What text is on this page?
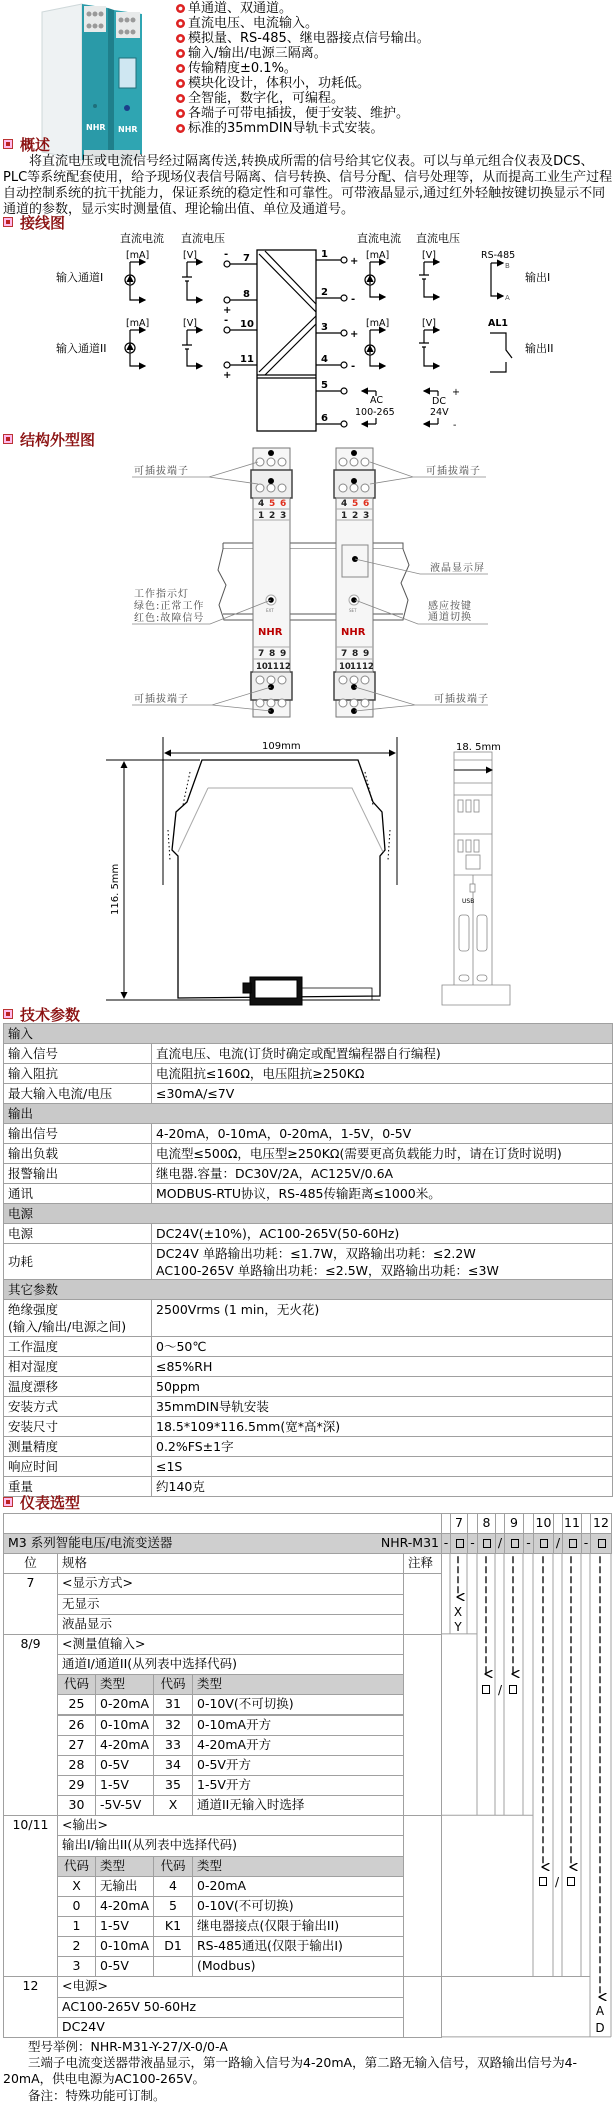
NHR NHR
单通道、双通道。
直流电压、电流输入。
模拟量、RS-485、继电器接点信号输出。
输入/输出/电源三隔离。
传输精度±0.1%。
模块化设计，体积小，功耗低。
全智能，数字化，可编程。
各端子可带电插拔，便于安装、维护。
标准的35mmDIN导轨卡式安装。
概述
　　将直流电压或电流信号经过隔离传送,转换成所需的信号给其它仪表。可以与单元组合仪表及DCS、
PLC等系统配套使用，给予现场仪表信号隔离、信号转换、信号分配、信号处理等，从而提高工业生产过程
自动控制系统的抗干扰能力，保证系统的稳定性和可靠性。可带液晶显示,通过红外轻触按键切换显示不同
通道的参数，显示实时测量值、理论输出值、单位及通道号。
接线图
直流电流 直流电压	直流电流 直流电压
输入通道I
输入通道II
输出I
输出II
[mA]	[V]
[mA]	[V]
[mA]	[V]
[mA]	[V]
RS-485
AL1
AC
100-265
DC
24V
+
-
B
A
7
8
10
11
1
2
3
4
5
6
-
+
-
+
+
-
+
-
结构外型图
4 5 6
1 2 3
7 8 9
10 11 12
EXT
NHR
4 5 6
1 2 3
7 8 9
10 11 12
SET
NHR
可插拔端子	可插拔端子
可插拔端子	可插拔端子
液晶显示屏
工作指示灯
绿色:正常工作
红色:故障信号
感应按键
通道切换
109mm
116. 5mm
18. 5mm
USB
技术参数
输入	
输入信号	直流电压、电流(订货时确定或配置编程器自行编程)
输入阻抗	电流阻抗≤160Ω，电压阻抗≥250KΩ
最大输入电流/电压	≤30mA/≤7V
输出	
输出信号	4-20mA，0-10mA，0-20mA，1-5V，0-5V
输出负载	电流型≤500Ω，电压型≥250KΩ(需要更高负载能力时，请在订货时说明)
报警输出	继电器.容量：DC30V/2A，AC125V/0.6A
通讯	MODBUS-RTU协议，RS-485传输距离≤1000米。
电源	
电源	DC24V(±10%)，AC100-265V(50-60Hz)
功耗	DC24V 单路输出功耗：≤1.7W，双路输出功耗：≤2.2W
AC100-265V 单路输出功耗：≤2.5W，双路输出功耗：≤3W

其它参数	

绝缘强度
(输入/输出/电源之间)	2500Vrms (1 min，无火花)
工作温度	0～50℃
相对湿度	≤85%RH
温度漂移	50ppm
安装方式	35mmDIN导轨安装
安装尺寸	18.5*109*116.5mm(宽*高*深)
测量精度	0.2%FS±1字
响应时间	≤1S
重量	约140克
仪表选型
M3 系列智能电压/电流变送器	NHR-M31
位	规格	注释
7	<显示方式>
无显示
液晶显示
8/9	<测量值输入>
通道I/通道II(从列表中选择代码)
代码 类型	代码 类型
25	0-20mA	31	0-10V(不可切换)
26	0-10mA	32	0-10mA开方
27	4-20mA	33	4-20mA开方
28	0-5V	34	0-5V开方
29	1-5V	35	1-5V开方
30	-5V-5V	X	通道II无输入时选择
10/11	<输出>
输出I/输出II(从列表中选择代码)
代码 类型	代码 类型
X	无输出	4	0-20mA
0	4-20mA	5	0-10V(不可切换)
1	1-5V	K1	继电器接点(仅限于输出II)
2	0-10mA	D1	RS-485通迅(仅限于输出I)
3	0-5V	(Modbus)
12	<电源>
AC100-265V 50-60Hz
DC24V
-
7
-
8
/
9
-
10
/
11
-
12
X
Y
A
D
/
/
　　型号举例：NHR-M31-Y-27/X-0/0-A
　　三端子电流变送器带液晶显示，第一路输入信号为4-20mA，第二路无输入信号，双路输出信号为4-
20mA，供电电源为AC100-265V。
　　备注：特殊功能可订制。
